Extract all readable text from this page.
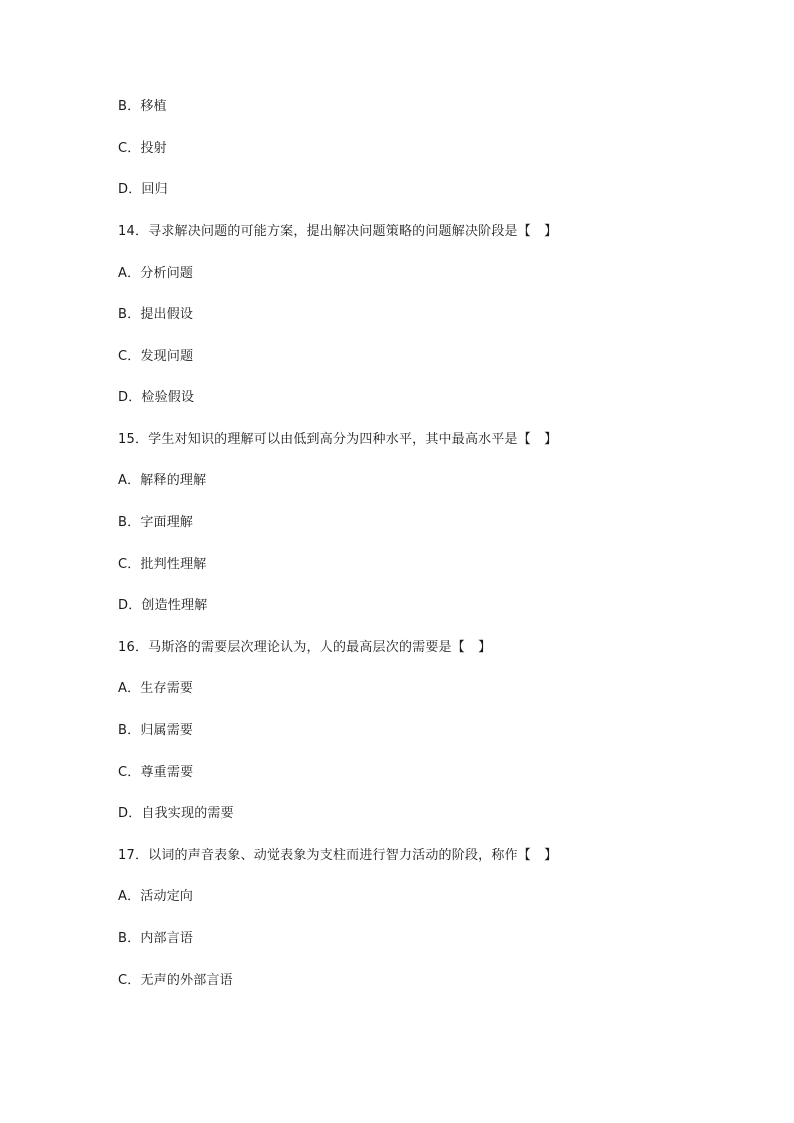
B．移植
C．投射
D．回归
14．寻求解决问题的可能方案，提出解决问题策略的问题解决阶段是【　】
A．分析问题
B．提出假设
C．发现问题
D．检验假设
15．学生对知识的理解可以由低到高分为四种水平，其中最高水平是【　】
A．解释的理解
B．字面理解
C．批判性理解
D．创造性理解
16．马斯洛的需要层次理论认为，人的最高层次的需要是【　】
A．生存需要
B．归属需要
C．尊重需要
D．自我实现的需要
17．以词的声音表象、动觉表象为支柱而进行智力活动的阶段，称作【　】
A．活动定向
B．内部言语
C．无声的外部言语
